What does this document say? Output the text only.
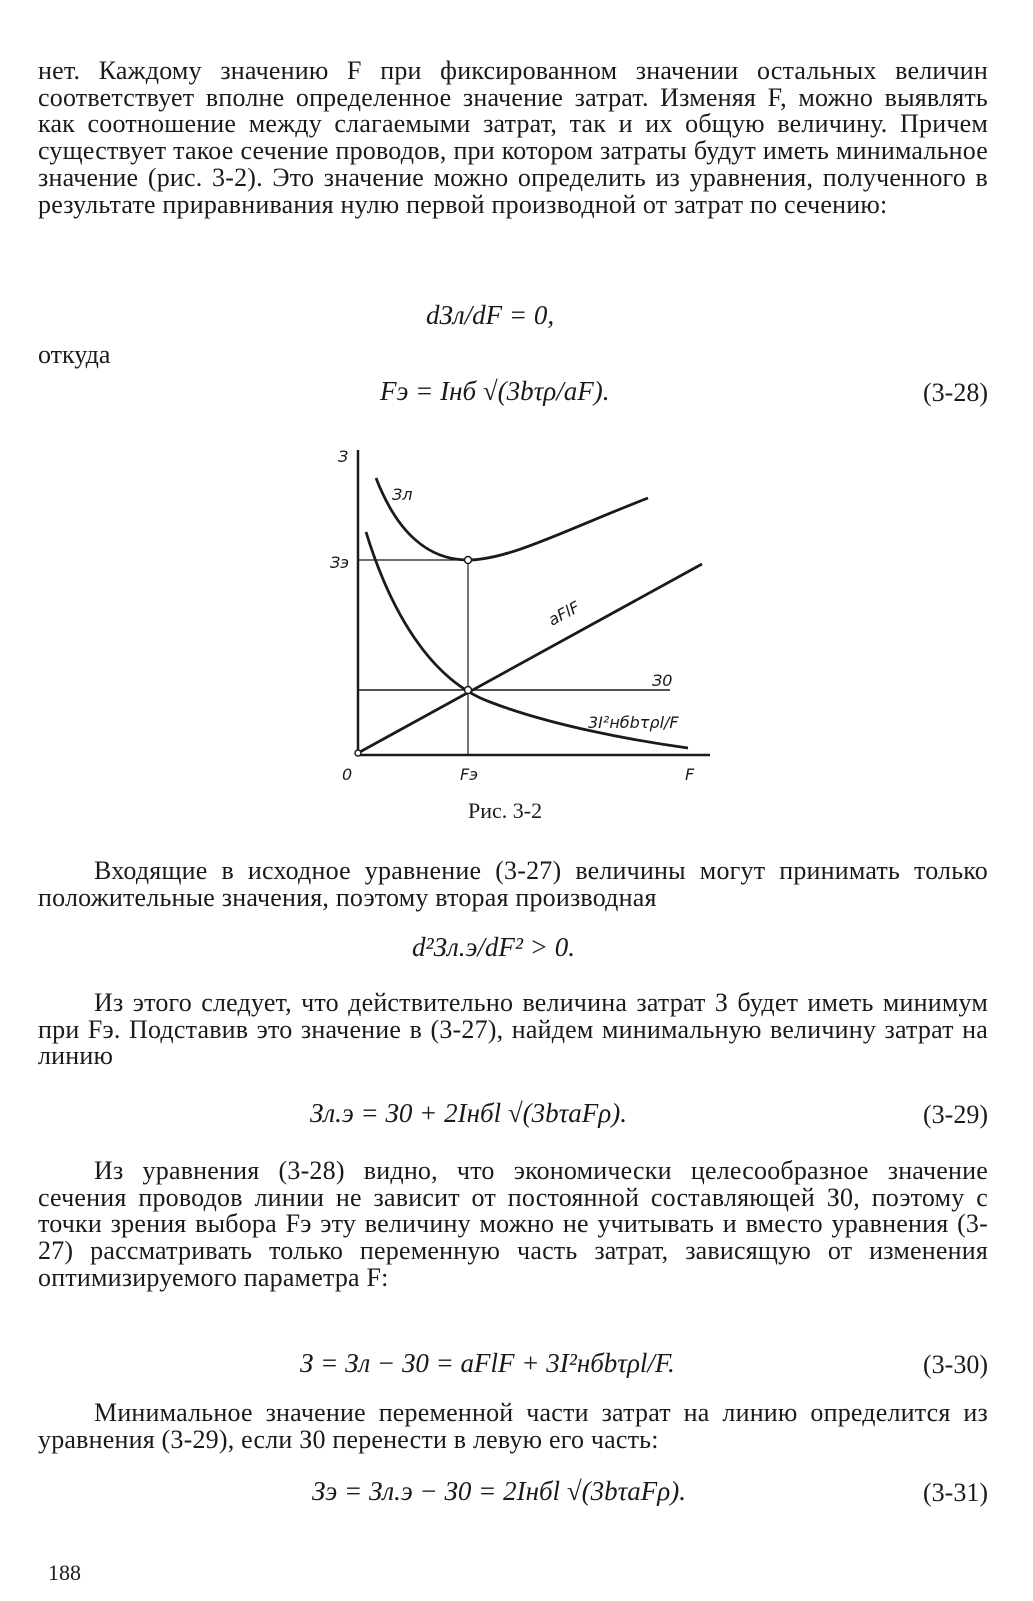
нет. Каждому значению F при фиксированном значении остальных величин соответствует вполне определенное значение затрат. Изменяя F, можно выявлять как соотношение между слагаемыми затрат, так и их общую величину. Причем существует такое сечение проводов, при котором затраты будут иметь минимальное значение (рис. 3-2). Это значение можно определить из уравнения, полученного в результате приравнивания нулю первой производной от затрат по сечению:

dЗл/dF = 0,
откуда
Fэ = Iнб √(3bτρ/aF).	(3-28)
З
F
0	Fэ
Зэ
Зл
aFlF
З0
3I²нбbτρl/F
Рис. 3-2

Входящие в исходное уравнение (3-27) величины могут принимать только положительные значения, поэтому вторая производная

d²Зл.э/dF² > 0.

Из этого следует, что действительно величина затрат З будет иметь минимум при Fэ. Подставив это значение в (3-27), найдем минимальную величину затрат на линию

Зл.э = З0 + 2Iнбl √(3bτaFρ).	(3-29)

Из уравнения (3-28) видно, что экономически целесообразное значение сечения проводов линии не зависит от постоянной составляющей З0, поэтому с точки зрения выбора Fэ эту величину можно не учитывать и вместо уравнения (3-27) рассматривать только переменную часть затрат, зависящую от изменения оптимизируемого параметра F:

З = Зл − З0 = aFlF + 3I²нбbτρl/F.	(3-30)

Минимальное значение переменной части затрат на линию определится из уравнения (3-29), если З0 перенести в левую его часть:

Зэ = Зл.э − З0 = 2Iнбl √(3bτaFρ).	(3-31)
188
